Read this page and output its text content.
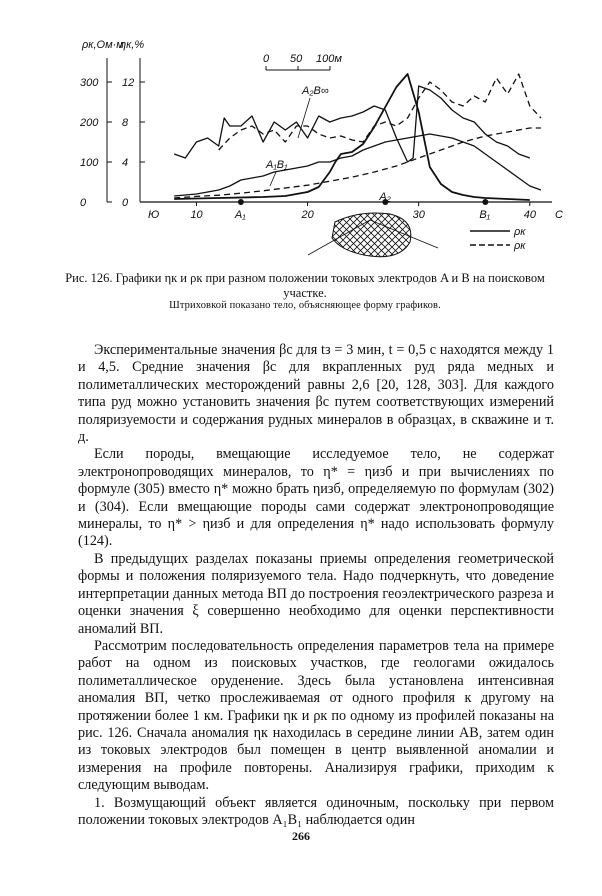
ρк,Ом·м
ηк,%
0 50 100м
300
200
100
0
12
8
4
0
10	20	30	40 С
Ю	A₁
A₂
B₁
A₂B∞
A₁B₁
ρк
ρк
Рис. 126. Графики ηк и ρк при разном положении токовых электродов A и B на поисковом участке.
Штриховкой показано тело, объясняющее форму графиков.

Экспериментальные значения βс для tз = 3 мин, t = 0,5 с находятся между 1 и 4,5. Средние значения βс для вкрапленных руд ряда медных и полиметаллических месторождений равны 2,6 [20, 128, 303]. Для каждого типа руд можно установить значения βс путем соответствующих измерений поляризуемости и содержания рудных минералов в образцах, в скважине и т. д.

Если породы, вмещающие исследуемое тело, не содержат электронопроводящих минералов, то η* = ηизб и при вычислениях по формуле (305) вместо η* можно брать ηизб, определяемую по формулам (302) и (304). Если вмещающие породы сами содержат электронопроводящие минералы, то η* > ηизб и для определения η* надо использовать формулу (124).

В предыдущих разделах показаны приемы определения геометрической формы и положения поляризуемого тела. Надо подчеркнуть, что доведение интерпретации данных метода ВП до построения геоэлектрического разреза и оценки значения ξ совершенно необходимо для оценки перспективности аномалий ВП.

Рассмотрим последовательность определения параметров тела на примере работ на одном из поисковых участков, где геологами ожидалось полиметаллическое оруденение. Здесь была установлена интенсивная аномалия ВП, четко прослеживаемая от одного профиля к другому на протяжении более 1 км. Графики ηк и ρк по одному из профилей показаны на рис. 126. Сначала аномалия ηк находилась в середине линии AB, затем один из токовых электродов был помещен в центр выявленной аномалии и измерения на профиле повторены. Анализируя графики, приходим к следующим выводам.

1. Возмущающий объект является одиночным, поскольку при первом положении токовых электродов A₁B₁ наблюдается один

266
